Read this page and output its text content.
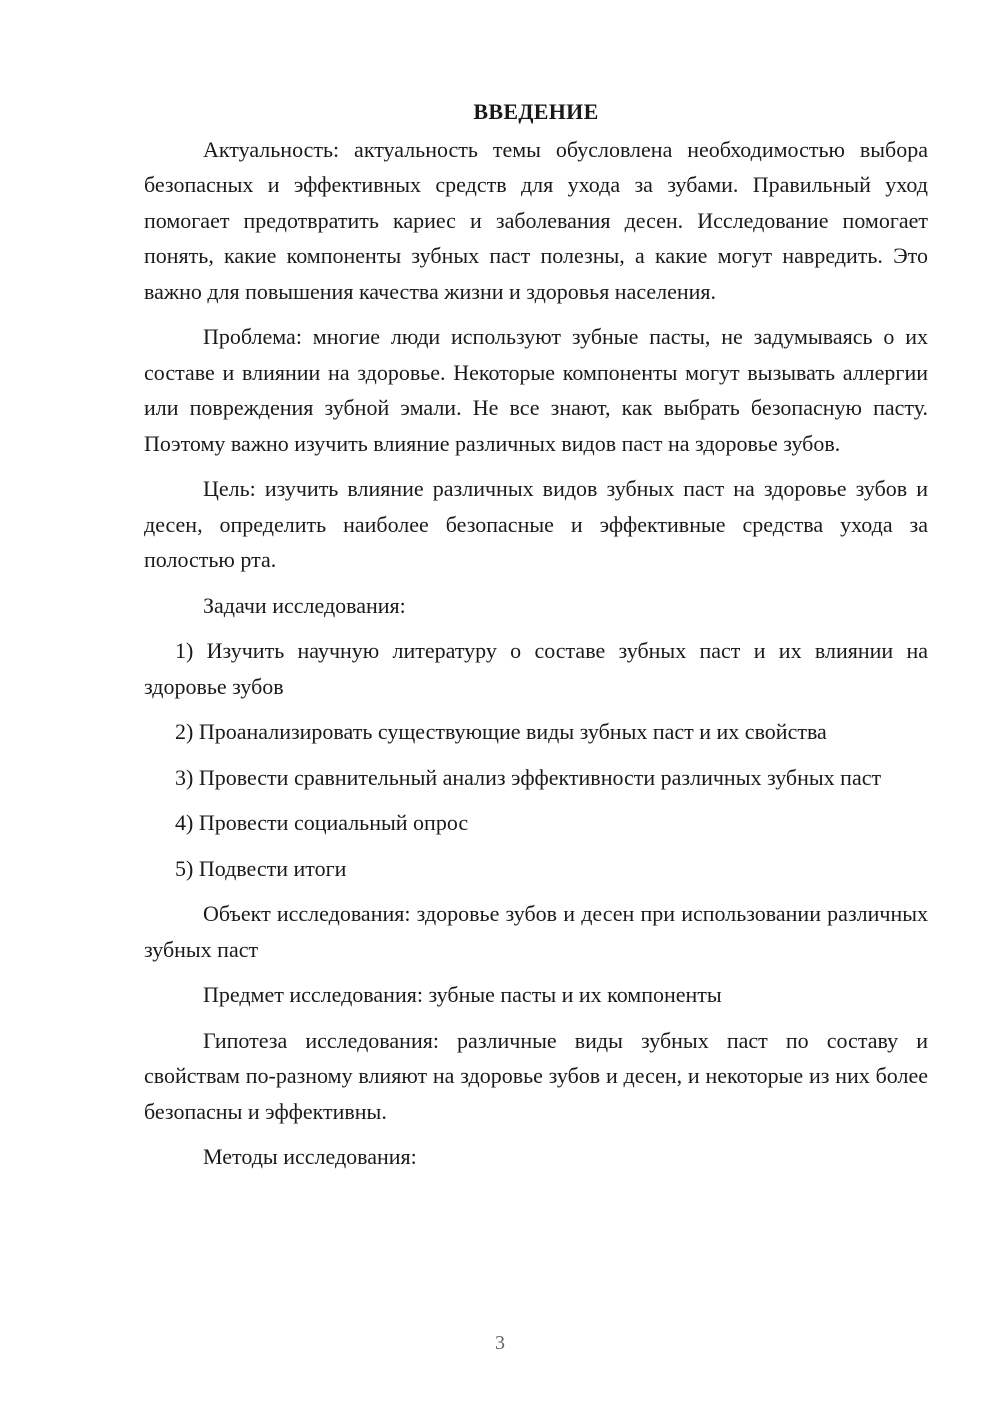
ВВЕДЕНИЕ

Актуальность: актуальность темы обусловлена необходимостью выбора безопасных и эффективных средств для ухода за зубами. Правильный уход помогает предотвратить кариес и заболевания десен. Исследование помогает понять, какие компоненты зубных паст полезны, а какие могут навредить. Это важно для повышения качества жизни и здоровья населения.

Проблема: многие люди используют зубные пасты, не задумываясь о их составе и влиянии на здоровье. Некоторые компоненты могут вызывать аллергии или повреждения зубной эмали. Не все знают, как выбрать безопасную пасту. Поэтому важно изучить влияние различных видов паст на здоровье зубов.

Цель: изучить влияние различных видов зубных паст на здоровье зубов и десен, определить наиболее безопасные и эффективные средства ухода за полостью рта.

Задачи исследования:

1) Изучить научную литературу о составе зубных паст и их влиянии на здоровье зубов

2) Проанализировать существующие виды зубных паст и их свойства

3) Провести сравнительный анализ эффективности различных зубных паст

4) Провести социальный опрос

5) Подвести итоги

Объект исследования: здоровье зубов и десен при использовании различных зубных паст

Предмет исследования: зубные пасты и их компоненты

Гипотеза исследования: различные виды зубных паст по составу и свойствам по-разному влияют на здоровье зубов и десен, и некоторые из них более безопасны и эффективны.

Методы исследования:

3
